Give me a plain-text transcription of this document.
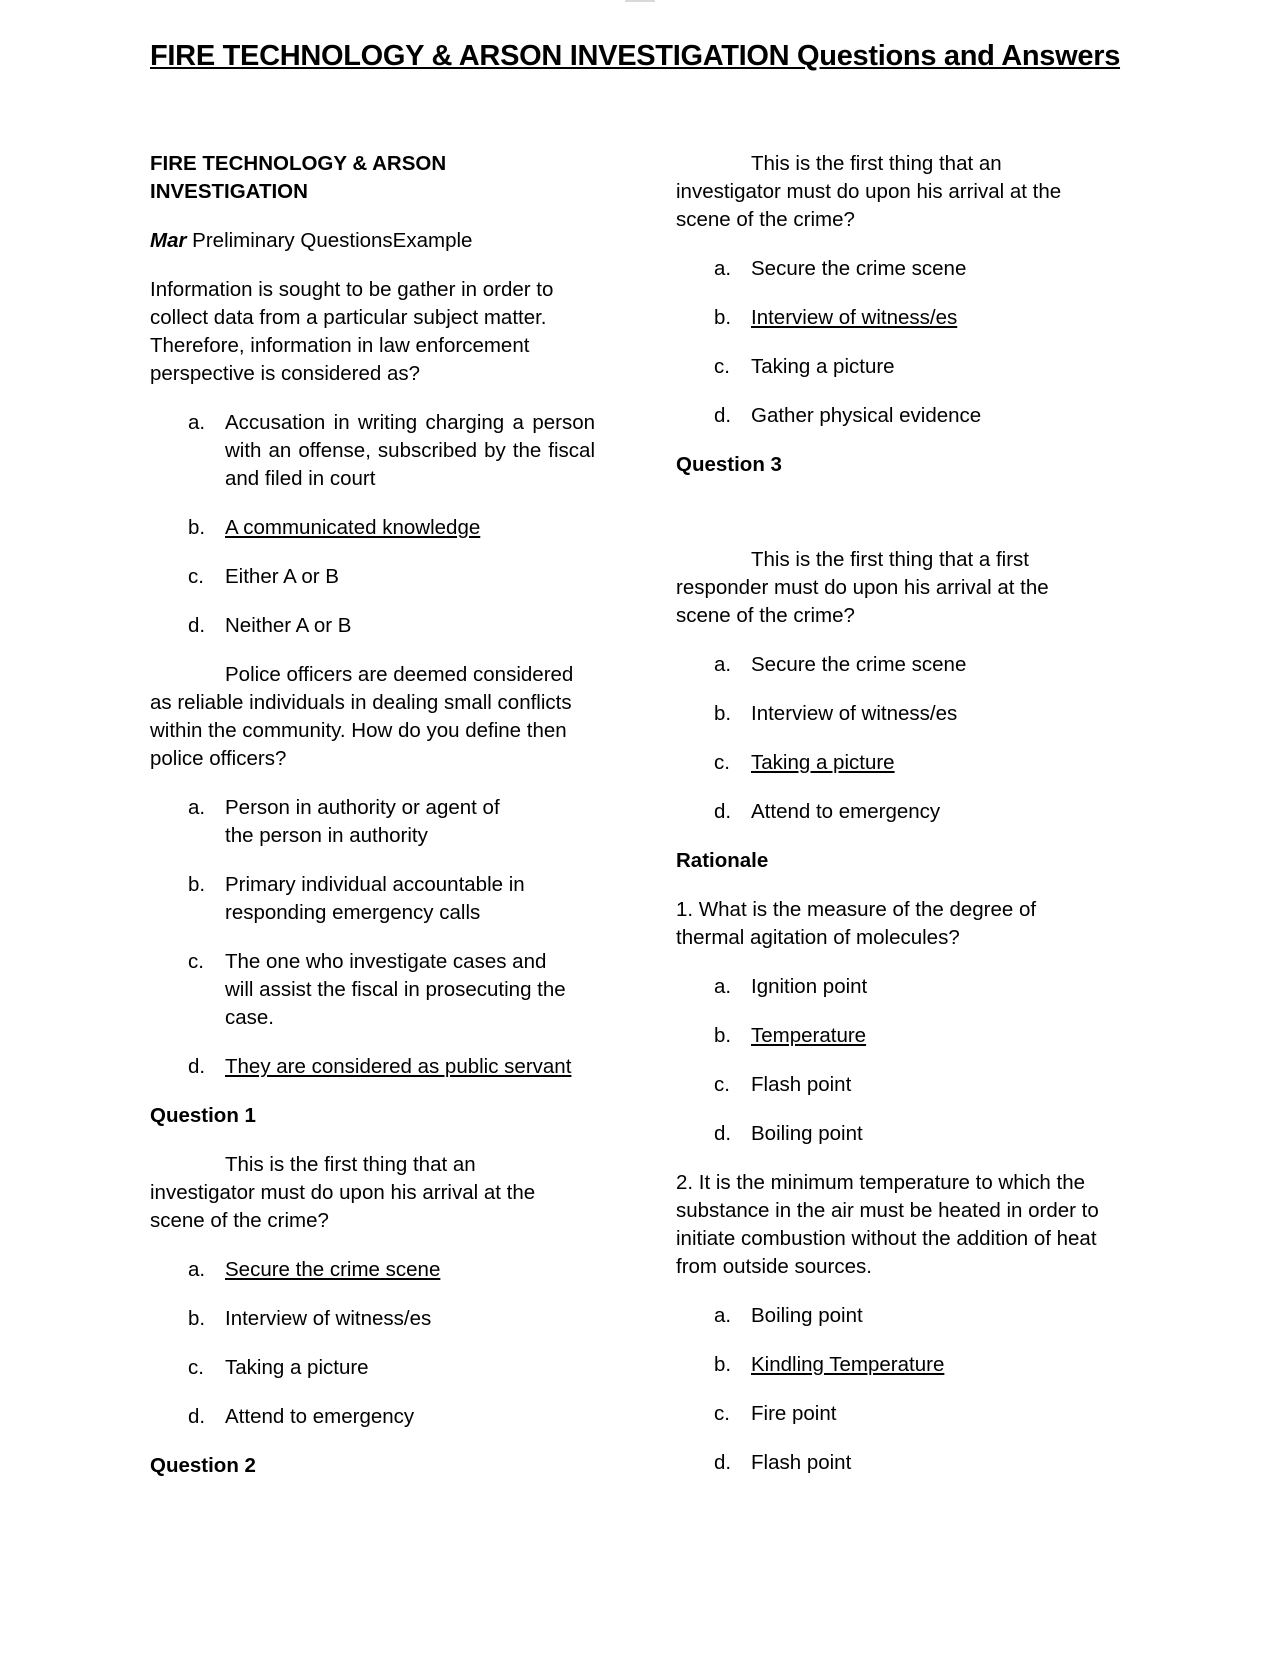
FIRE TECHNOLOGY & ARSON INVESTIGATION Questions and Answers
FIRE TECHNOLOGY & ARSON INVESTIGATION
Mar Preliminary QuestionsExample
Information is sought to be gather in order to collect data from a particular subject matter. Therefore, information in law enforcement perspective is considered as?
a. Accusation in writing charging a person with an offense, subscribed by the fiscal and filed in court
b. A communicated knowledge
c.	Either A or B
d. Neither A or B
Police officers are deemed considered as reliable individuals in dealing small conflicts within the community. How do you define then police officers?
a. Person in authority or agent of the person in authority
b. Primary individual accountable in responding emergency calls
c.	The one who investigate cases and will assist the fiscal in prosecuting the case.
d. They are considered as public servant
Question 1
This is the first thing that an investigator must do upon his arrival at the scene of the crime?
a. Secure the crime scene
b. Interview of witness/es
c.	Taking a picture
d. Attend to emergency
Question 2
This is the first thing that an investigator must do upon his arrival at the scene of the crime?
a. Secure the crime scene
b. Interview of witness/es
c.	Taking a picture
d. Gather physical evidence
Question 3
This is the first thing that a first responder must do upon his arrival at the scene of the crime?
a. Secure the crime scene
b. Interview of witness/es
c.	Taking a picture
d. Attend to emergency
Rationale
1. What is the measure of the degree of thermal agitation of molecules?
a. Ignition point
b. Temperature
c.	Flash point
d. Boiling point
2. It is the minimum temperature to which the substance in the air must be heated in order to initiate combustion without the addition of heat from outside sources.
a. Boiling point
b. Kindling Temperature
c.	Fire point
d. Flash point
